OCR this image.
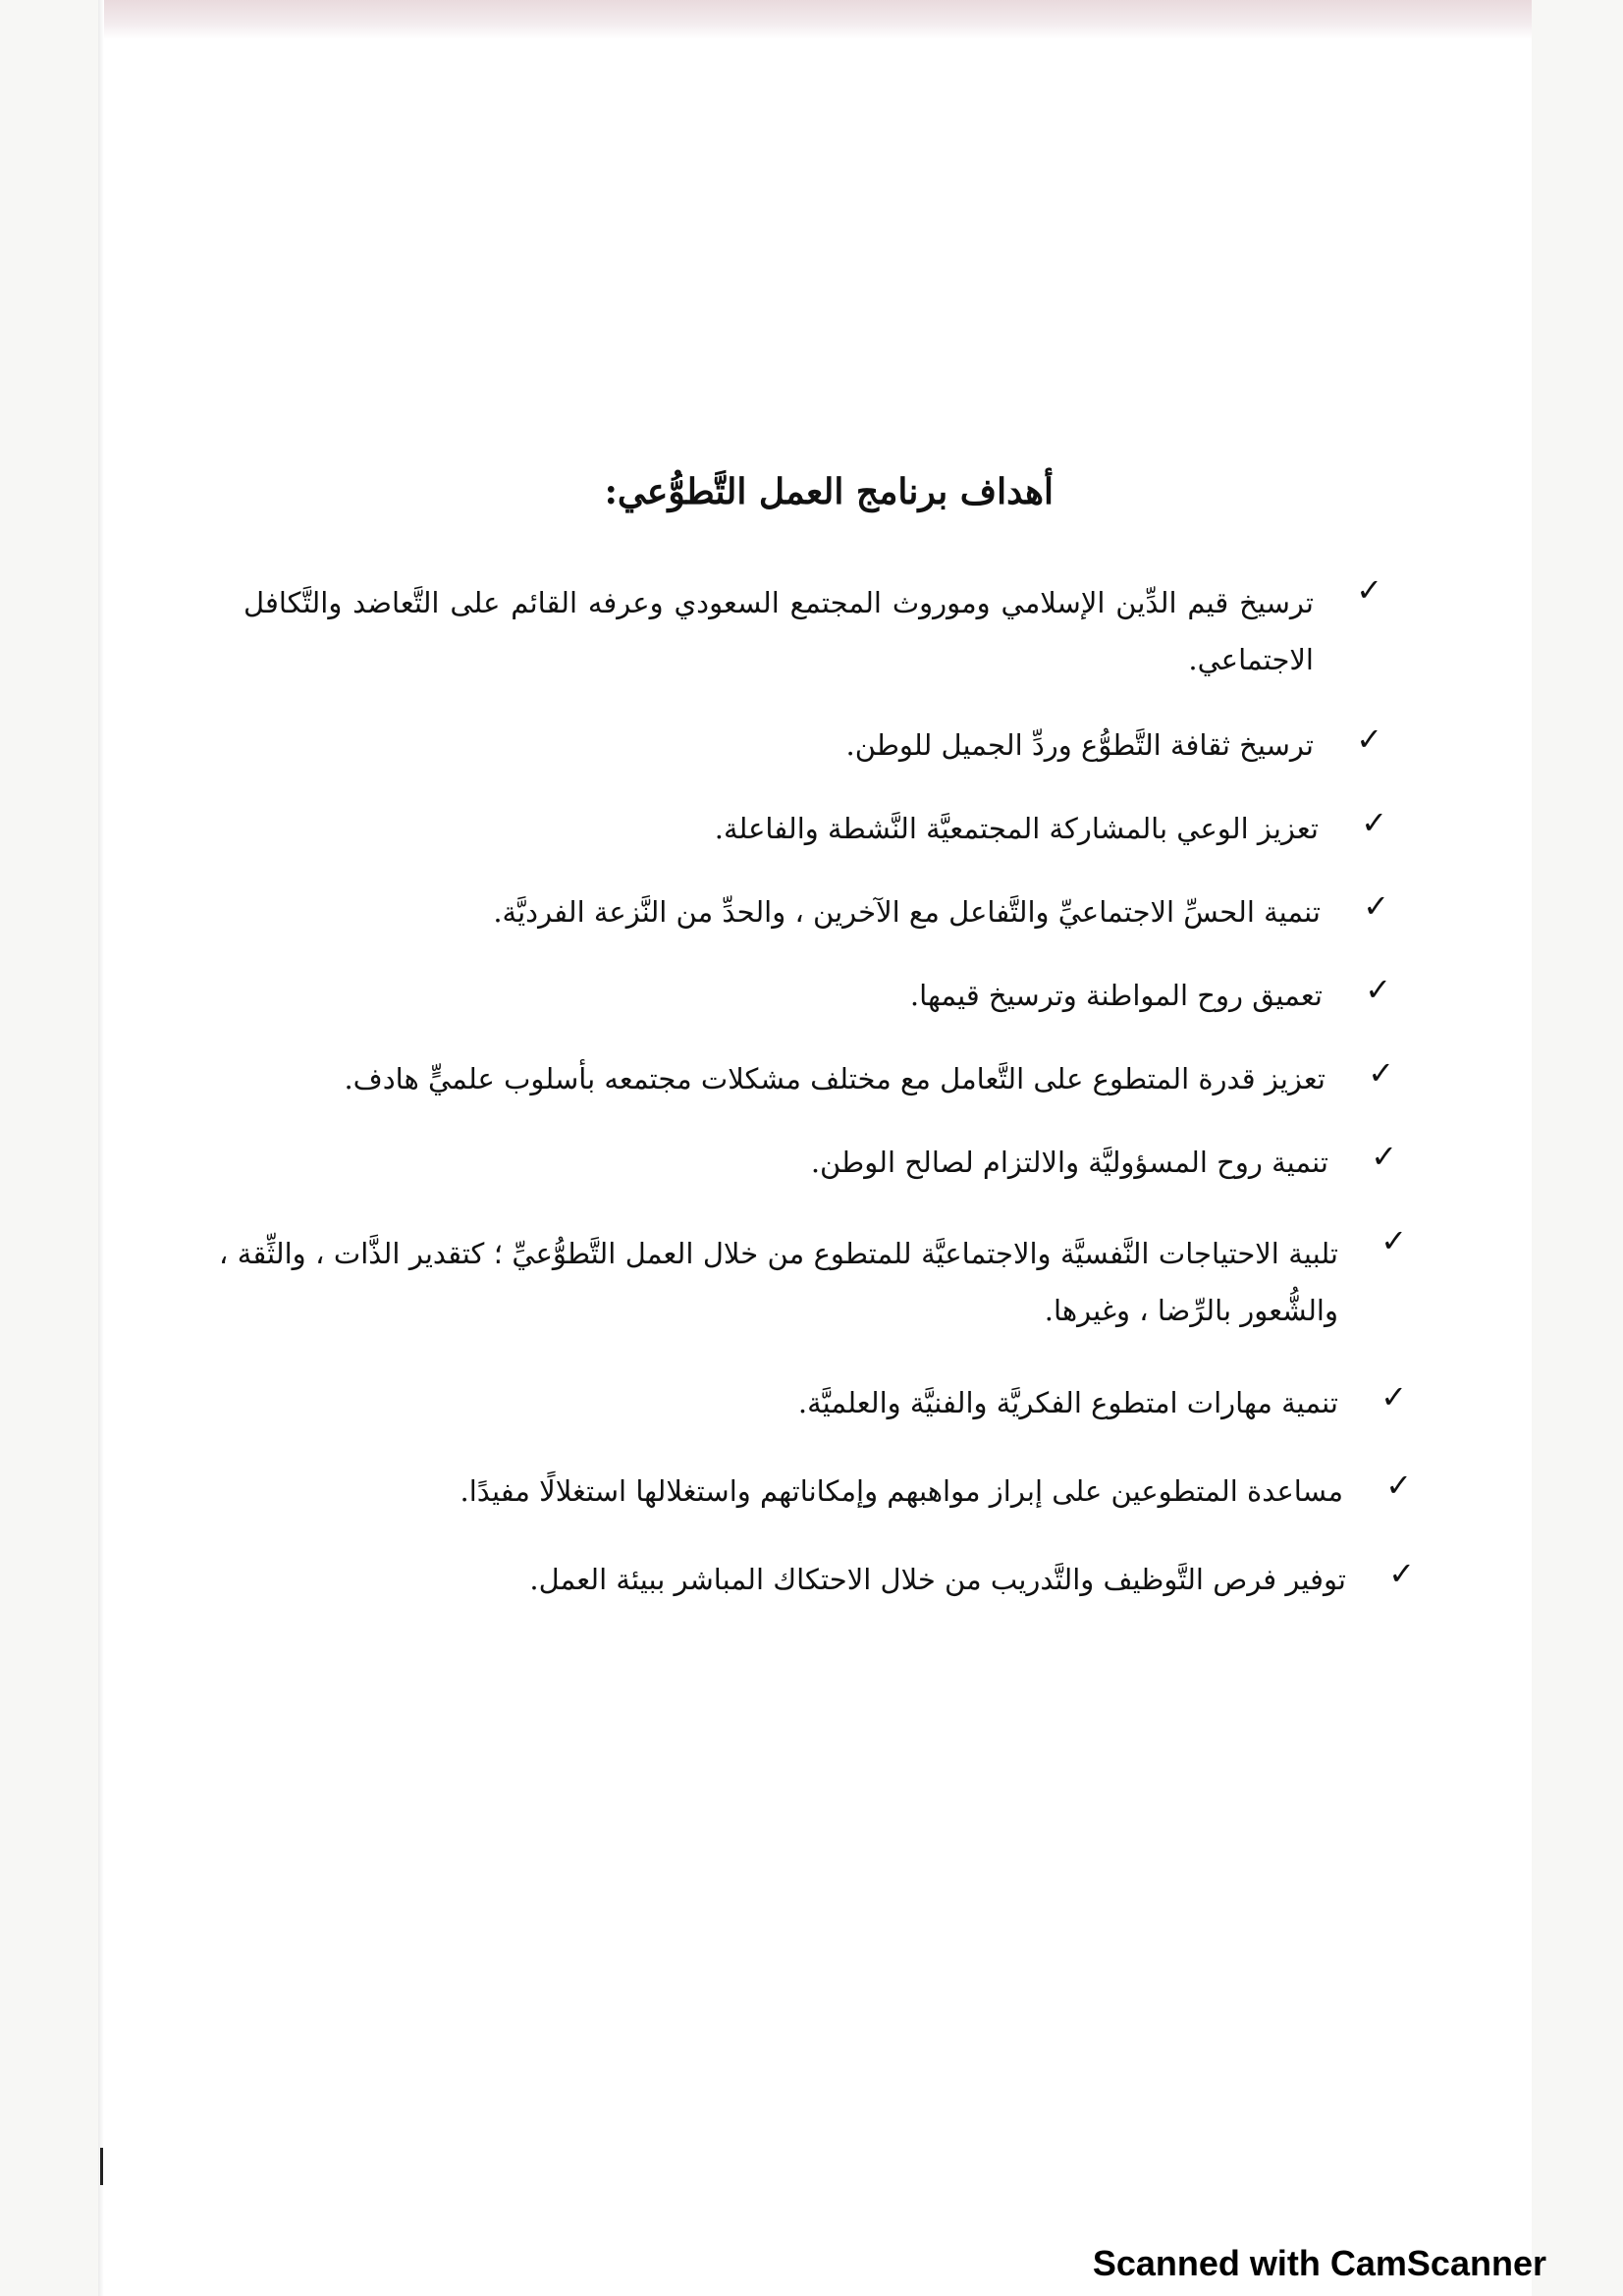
أهداف برنامج العمل التَّطوُّعي:
✓
ترسيخ قيم الدِّين الإسلامي وموروث المجتمع السعودي وعرفه القائم على التَّعاضد والتَّكافل الاجتماعي.
✓
ترسيخ ثقافة التَّطوُّع وردِّ الجميل للوطن.
✓
تعزيز الوعي بالمشاركة المجتمعيَّة النَّشطة والفاعلة.
✓
تنمية الحسِّ الاجتماعيِّ والتَّفاعل مع الآخرين ، والحدِّ من النَّزعة الفرديَّة.
✓
تعميق روح المواطنة وترسيخ قيمها.
✓
تعزيز قدرة المتطوع على التَّعامل مع مختلف مشكلات مجتمعه بأسلوب علميٍّ هادف.
✓
تنمية روح المسؤوليَّة والالتزام لصالح الوطن.
✓
تلبية الاحتياجات النَّفسيَّة والاجتماعيَّة للمتطوع من خلال العمل التَّطوُّعيِّ ؛ كتقدير الذَّات ، والثِّقة ، والشُّعور بالرِّضا ، وغيرها.
✓
تنمية مهارات امتطوع الفكريَّة والفنيَّة والعلميَّة.
✓
مساعدة المتطوعين على إبراز مواهبهم وإمكاناتهم واستغلالها استغلالًا مفيدًا.
✓
توفير فرص التَّوظيف والتَّدريب من خلال الاحتكاك المباشر ببيئة العمل.
Scanned with CamScanner
